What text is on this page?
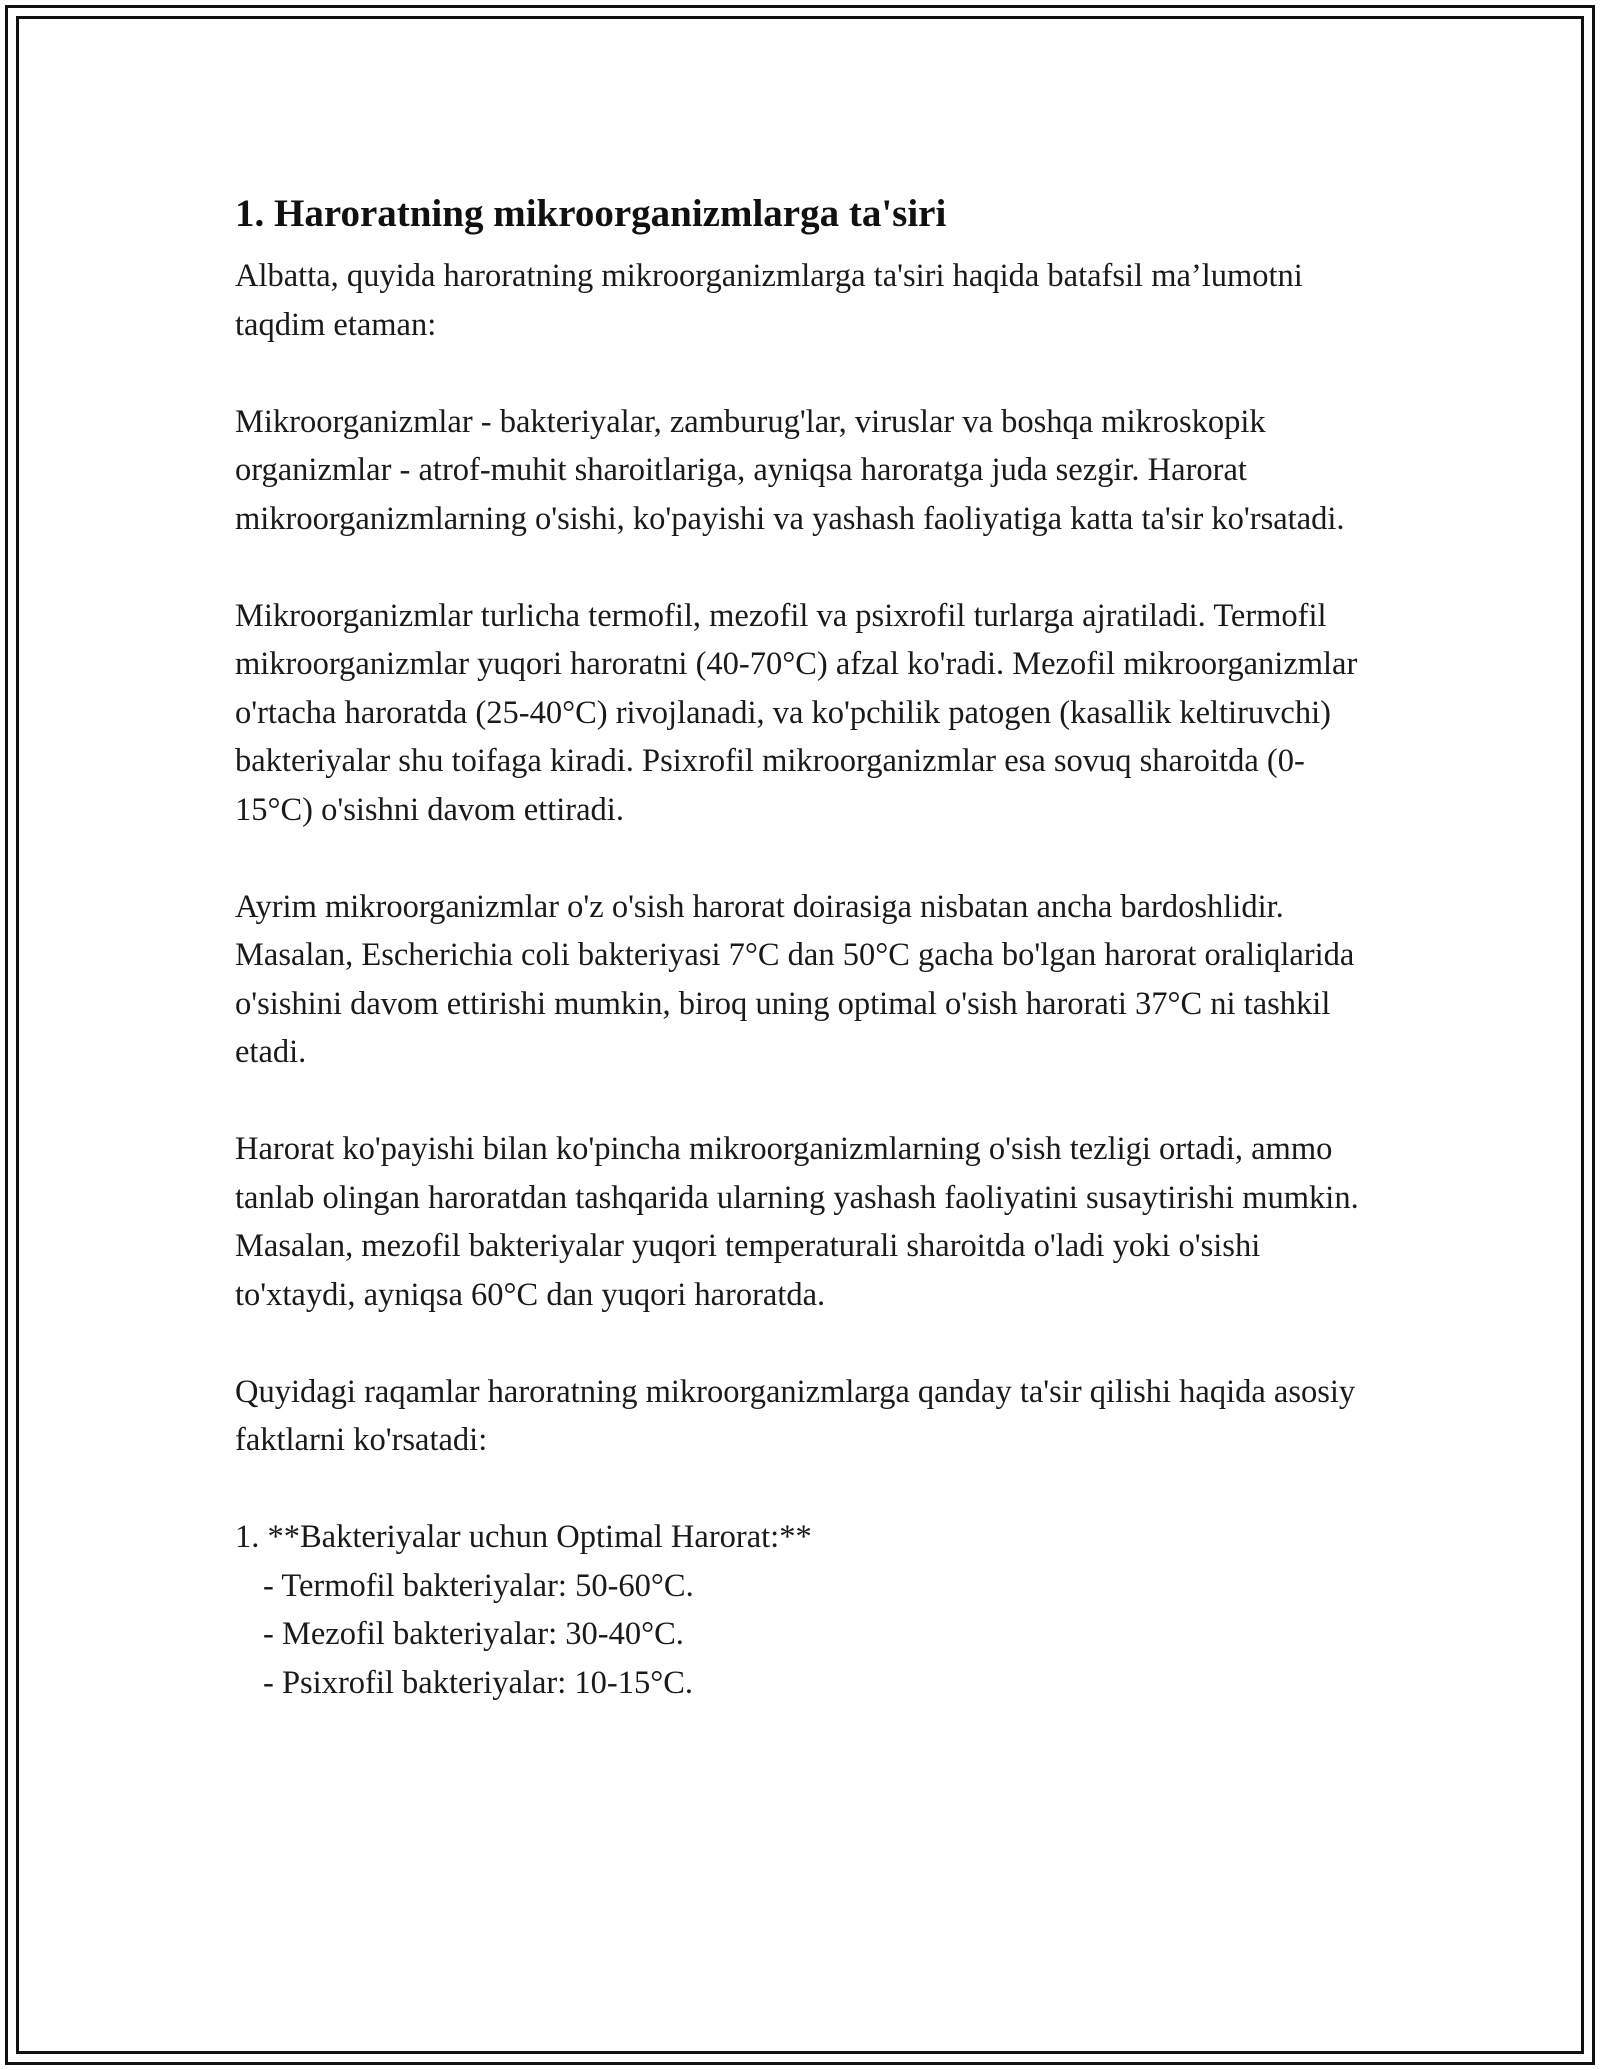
1. Haroratning mikroorganizmlarga ta'siri

Albatta, quyida haroratning mikroorganizmlarga ta'siri haqida batafsil ma’lumotni taqdim etaman:

Mikroorganizmlar - bakteriyalar, zamburug'lar, viruslar va boshqa mikroskopik organizmlar - atrof-muhit sharoitlariga, ayniqsa haroratga juda sezgir. Harorat mikroorganizmlarning o'sishi, ko'payishi va yashash faoliyatiga katta ta'sir ko'rsatadi.

Mikroorganizmlar turlicha termofil, mezofil va psixrofil turlarga ajratiladi. Termofil mikroorganizmlar yuqori haroratni (40-70°C) afzal ko'radi. Mezofil mikroorganizmlar o'rtacha haroratda (25-40°C) rivojlanadi, va ko'pchilik patogen (kasallik keltiruvchi) bakteriyalar shu toifaga kiradi. Psixrofil mikroorganizmlar esa sovuq sharoitda (0-15°C) o'sishni davom ettiradi.

Ayrim mikroorganizmlar o'z o'sish harorat doirasiga nisbatan ancha bardoshlidir. Masalan, Escherichia coli bakteriyasi 7°C dan 50°C gacha bo'lgan harorat oraliqlarida o'sishini davom ettirishi mumkin, biroq uning optimal o'sish harorati 37°C ni tashkil etadi.

Harorat ko'payishi bilan ko'pincha mikroorganizmlarning o'sish tezligi ortadi, ammo tanlab olingan haroratdan tashqarida ularning yashash faoliyatini susaytirishi mumkin. Masalan, mezofil bakteriyalar yuqori temperaturali sharoitda o'ladi yoki o'sishi to'xtaydi, ayniqsa 60°C dan yuqori haroratda.

Quyidagi raqamlar haroratning mikroorganizmlarga qanday ta'sir qilishi haqida asosiy faktlarni ko'rsatadi:

1. **Bakteriyalar uchun Optimal Harorat:**
- Termofil bakteriyalar: 50-60°C.
- Mezofil bakteriyalar: 30-40°C.
- Psixrofil bakteriyalar: 10-15°C.
